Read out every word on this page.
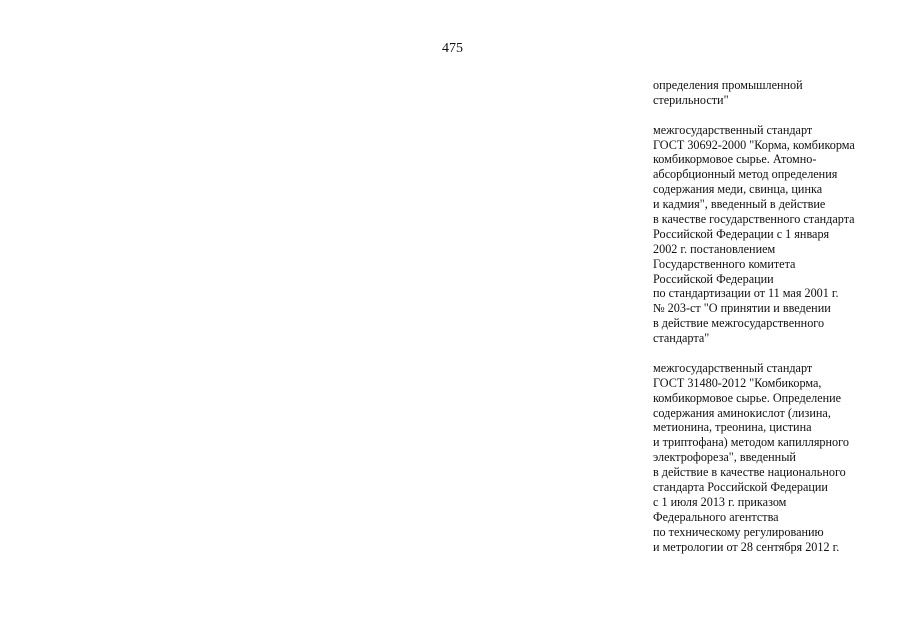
475
определения промышленной
стерильности"
межгосударственный стандарт
ГОСТ 30692-2000 "Корма, комбикорма
комбикормовое сырье. Атомно-
абсорбционный метод определения
содержания меди, свинца, цинка
и кадмия", введенный в действие
в качестве государственного стандарта
Российской Федерации с 1 января
2002 г. постановлением
Государственного комитета
Российской Федерации
по стандартизации от 11 мая 2001 г.
№ 203-ст "О принятии и введении
в действие межгосударственного
стандарта"
межгосударственный стандарт
ГОСТ 31480-2012 "Комбикорма,
комбикормовое сырье. Определение
содержания аминокислот (лизина,
метионина, треонина, цистина
и триптофана) методом капиллярного
электрофореза", введенный
в действие в качестве национального
стандарта Российской Федерации
с 1 июля 2013 г. приказом
Федерального агентства
по техническому регулированию
и метрологии от 28 сентября 2012 г.
